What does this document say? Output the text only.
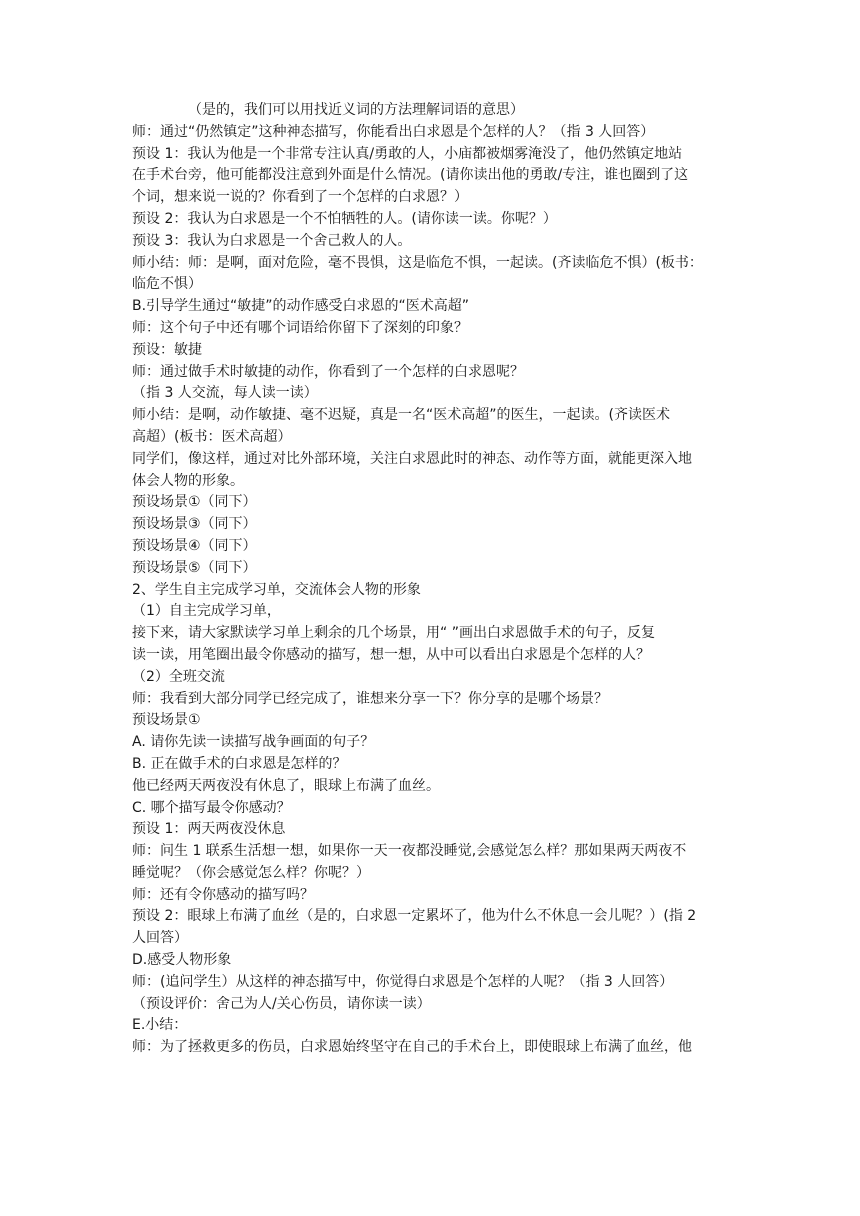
（是的，我们可以用找近义词的方法理解词语的意思）
师：通过“仍然镇定”这种神态描写，你能看出白求恩是个怎样的人？（指 3 人回答）
预设 1：我认为他是一个非常专注认真/勇敢的人，小庙都被烟雾淹没了，他仍然镇定地站
在手术台旁，他可能都没注意到外面是什么情况。(请你读出他的勇敢/专注，谁也圈到了这
个词，想来说一说的？你看到了一个怎样的白求恩？）
预设 2：我认为白求恩是一个不怕牺牲的人。(请你读一读。你呢？）
预设 3：我认为白求恩是一个舍己救人的人。
师小结：师：是啊，面对危险，毫不畏惧，这是临危不惧，一起读。(齐读临危不惧）(板书：
临危不惧）
B.引导学生通过“敏捷”的动作感受白求恩的“医术高超”
师：这个句子中还有哪个词语给你留下了深刻的印象？
预设：敏捷
师：通过做手术时敏捷的动作，你看到了一个怎样的白求恩呢？
（指 3 人交流，每人读一读）
师小结：是啊，动作敏捷、毫不迟疑，真是一名“医术高超”的医生，一起读。(齐读医术
高超）(板书：医术高超）
同学们，像这样，通过对比外部环境，关注白求恩此时的神态、动作等方面，就能更深入地
体会人物的形象。
预设场景①（同下）
预设场景③（同下）
预设场景④（同下）
预设场景⑤（同下）
2、学生自主完成学习单，交流体会人物的形象
（1）自主完成学习单，
接下来，请大家默读学习单上剩余的几个场景，用“ ”画出白求恩做手术的句子，反复
读一读，用笔圈出最令你感动的描写，想一想，从中可以看出白求恩是个怎样的人？
（2）全班交流
师：我看到大部分同学已经完成了，谁想来分享一下？你分享的是哪个场景？
预设场景①
A. 请你先读一读描写战争画面的句子？
B. 正在做手术的白求恩是怎样的？
他已经两天两夜没有休息了，眼球上布满了血丝。
C. 哪个描写最令你感动？
预设 1：两天两夜没休息
师：问生 1 联系生活想一想，如果你一天一夜都没睡觉,会感觉怎么样？那如果两天两夜不
睡觉呢？（你会感觉怎么样？你呢？）
师：还有令你感动的描写吗？
预设 2：眼球上布满了血丝（是的，白求恩一定累坏了，他为什么不休息一会儿呢？）(指 2
人回答）
D.感受人物形象
师：(追问学生）从这样的神态描写中，你觉得白求恩是个怎样的人呢？（指 3 人回答）
（预设评价：舍己为人/关心伤员，请你读一读）
E.小结：
师：为了拯救更多的伤员，白求恩始终坚守在自己的手术台上，即使眼球上布满了血丝，他
